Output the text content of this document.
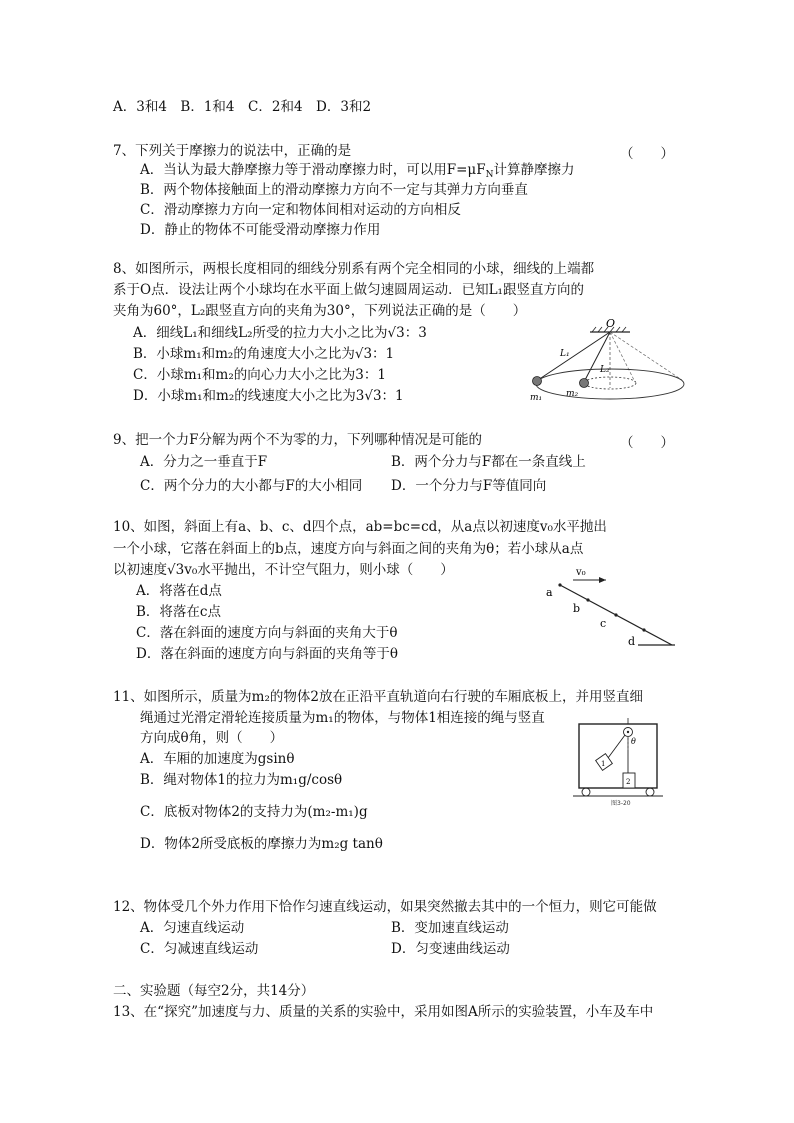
A．3和4　B．1和4　C．2和4　D．3和2
7、下列关于摩擦力的说法中，正确的是	（　　）
A．当认为最大静摩擦力等于滑动摩擦力时，可以用$F=\mu F_N$计算静摩擦力
B．两个物体接触面上的滑动摩擦力方向不一定与其弹力方向垂直
C．滑动摩擦力方向一定和物体间相对运动的方向相反
D．静止的物体不可能受滑动摩擦力作用
8、如图所示，两根长度相同的细线分别系有两个完全相同的小球，细线的上端都
系于O点．设法让两个小球均在水平面上做匀速圆周运动．已知L₁跟竖直方向的
夹角为60°，L₂跟竖直方向的夹角为30°，下列说法正确的是（　　）
A．细线L₁和细线L₂所受的拉力大小之比为√3：3
B．小球m₁和m₂的角速度大小之比为√3：1
C．小球m₁和m₂的向心力大小之比为3：1
D．小球m₁和m₂的线速度大小之比为3√3：1
O
L₁
L₂
m₁	m₂
9、把一个力F分解为两个不为零的力，下列哪种情况是可能的	（　　）
A．分力之一垂直于F	B．两个分力与F都在一条直线上
C．两个分力的大小都与F的大小相同 D．一个分力与F等值同向
10、如图，斜面上有a、b、c、d四个点，ab=bc=cd，从a点以初速度v₀水平抛出
一个小球，它落在斜面上的b点，速度方向与斜面之间的夹角为θ；若小球从a点
以初速度√3v₀水平抛出，不计空气阻力，则小球（　　）
A．将落在d点
B．将落在c点
C．落在斜面的速度方向与斜面的夹角大于θ
D．落在斜面的速度方向与斜面的夹角等于θ
v₀
a
b
c
d
11、如图所示，质量为m₂的物体2放在正沿平直轨道向右行驶的车厢底板上，并用竖直细
绳通过光滑定滑轮连接质量为m₁的物体，与物体1相连接的绳与竖直
方向成θ角，则（　　）
A．车厢的加速度为gsinθ
B．绳对物体1的拉力为m₁g/cosθ
C．底板对物体2的支持力为(m₂-m₁)g
D．物体2所受底板的摩擦力为m₂g tanθ
θ
1
2
图3-20
12、物体受几个外力作用下恰作匀速直线运动，如果突然撤去其中的一个恒力，则它可能做
A．匀速直线运动	B．变加速直线运动
C．匀减速直线运动	D．匀变速曲线运动
二、实验题（每空2分，共14分）
13、在“探究”加速度与力、质量的关系的实验中，采用如图A所示的实验装置，小车及车中
